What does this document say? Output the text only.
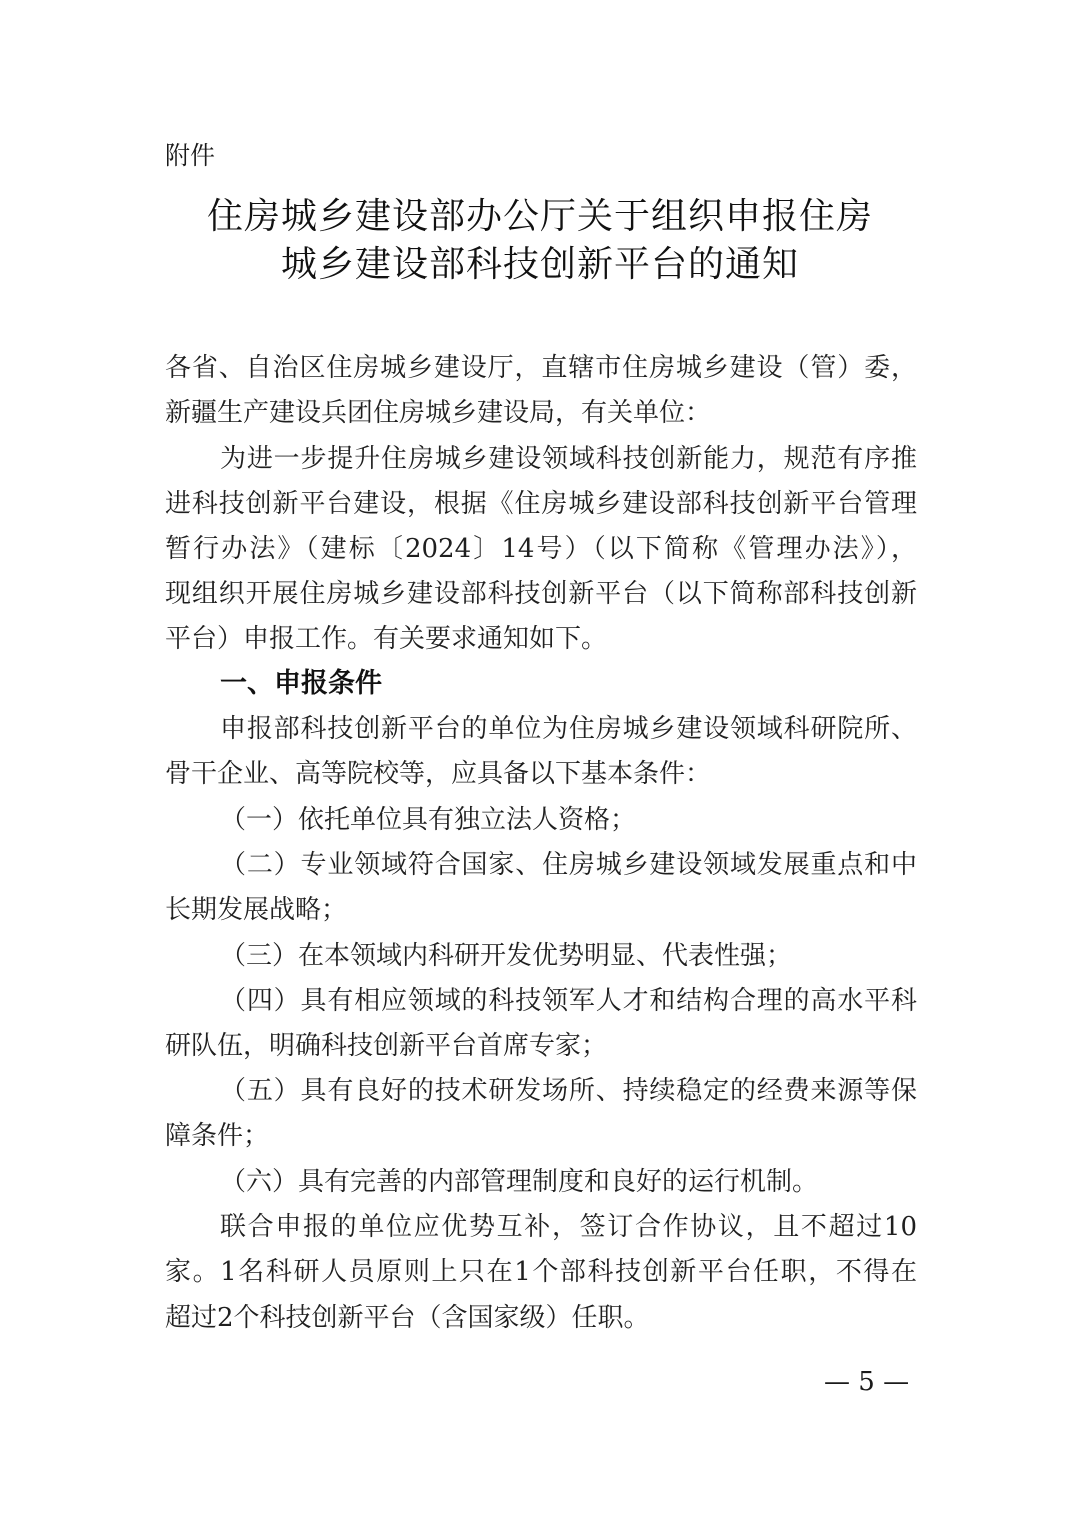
附件
住房城乡建设部办公厅关于组织申报住房
城乡建设部科技创新平台的通知
各省、自治区住房城乡建设厅，直辖市住房城乡建设（管）委，
新疆生产建设兵团住房城乡建设局，有关单位：
为进一步提升住房城乡建设领域科技创新能力，规范有序推
进科技创新平台建设，根据《住房城乡建设部科技创新平台管理
暂行办法》（建标〔2024〕14号）（以下简称《管理办法》），
现组织开展住房城乡建设部科技创新平台（以下简称部科技创新
平台）申报工作。有关要求通知如下。
一、申报条件
申报部科技创新平台的单位为住房城乡建设领域科研院所、
骨干企业、高等院校等，应具备以下基本条件：
（一）依托单位具有独立法人资格；
（二）专业领域符合国家、住房城乡建设领域发展重点和中
长期发展战略；
（三）在本领域内科研开发优势明显、代表性强；
（四）具有相应领域的科技领军人才和结构合理的高水平科
研队伍，明确科技创新平台首席专家；
（五）具有良好的技术研发场所、持续稳定的经费来源等保
障条件；
（六）具有完善的内部管理制度和良好的运行机制。
联合申报的单位应优势互补，签订合作协议，且不超过10
家。1名科研人员原则上只在1个部科技创新平台任职，不得在
超过2个科技创新平台（含国家级）任职。
— 5 —
